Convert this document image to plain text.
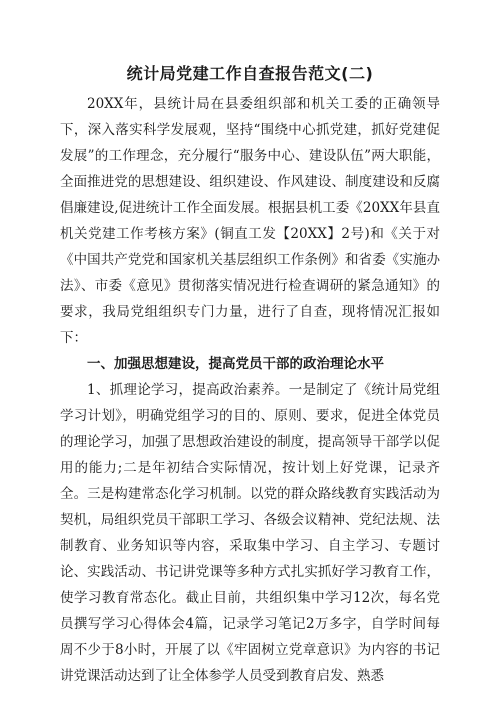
统计局党建工作自查报告范文(二)

20XX年，县统计局在县委组织部和机关工委的正确领导下，深入落实科学发展观，坚持“围绕中心抓党建，抓好党建促发展”的工作理念，充分履行“服务中心、建设队伍”两大职能，全面推进党的思想建设、组织建设、作风建设、制度建设和反腐倡廉建设,促进统计工作全面发展。根据县机工委《20XX年县直机关党建工作考核方案》(铜直工发【20XX】2号)和《关于对《中国共产党党和国家机关基层组织工作条例》和省委《实施办法》、市委《意见》贯彻落实情况进行检查调研的紧急通知》的要求，我局党组组织专门力量，进行了自查，现将情况汇报如下：

一、加强思想建设，提高党员干部的政治理论水平

1、抓理论学习，提高政治素养。一是制定了《统计局党组学习计划》，明确党组学习的目的、原则、要求，促进全体党员的理论学习，加强了思想政治建设的制度，提高领导干部学以促用的能力;二是年初结合实际情况，按计划上好党课，记录齐全。三是构建常态化学习机制。以党的群众路线教育实践活动为契机，局组织党员干部职工学习、各级会议精神、党纪法规、法制教育、业务知识等内容，采取集中学习、自主学习、专题讨论、实践活动、书记讲党课等多种方式扎实抓好学习教育工作，使学习教育常态化。截止目前，共组织集中学习12次，每名党员撰写学习心得体会4篇，记录学习笔记2万多字，自学时间每周不少于8小时，开展了以《牢固树立党章意识》为内容的书记讲党课活动达到了让全体参学人员受到教育启发、熟悉
